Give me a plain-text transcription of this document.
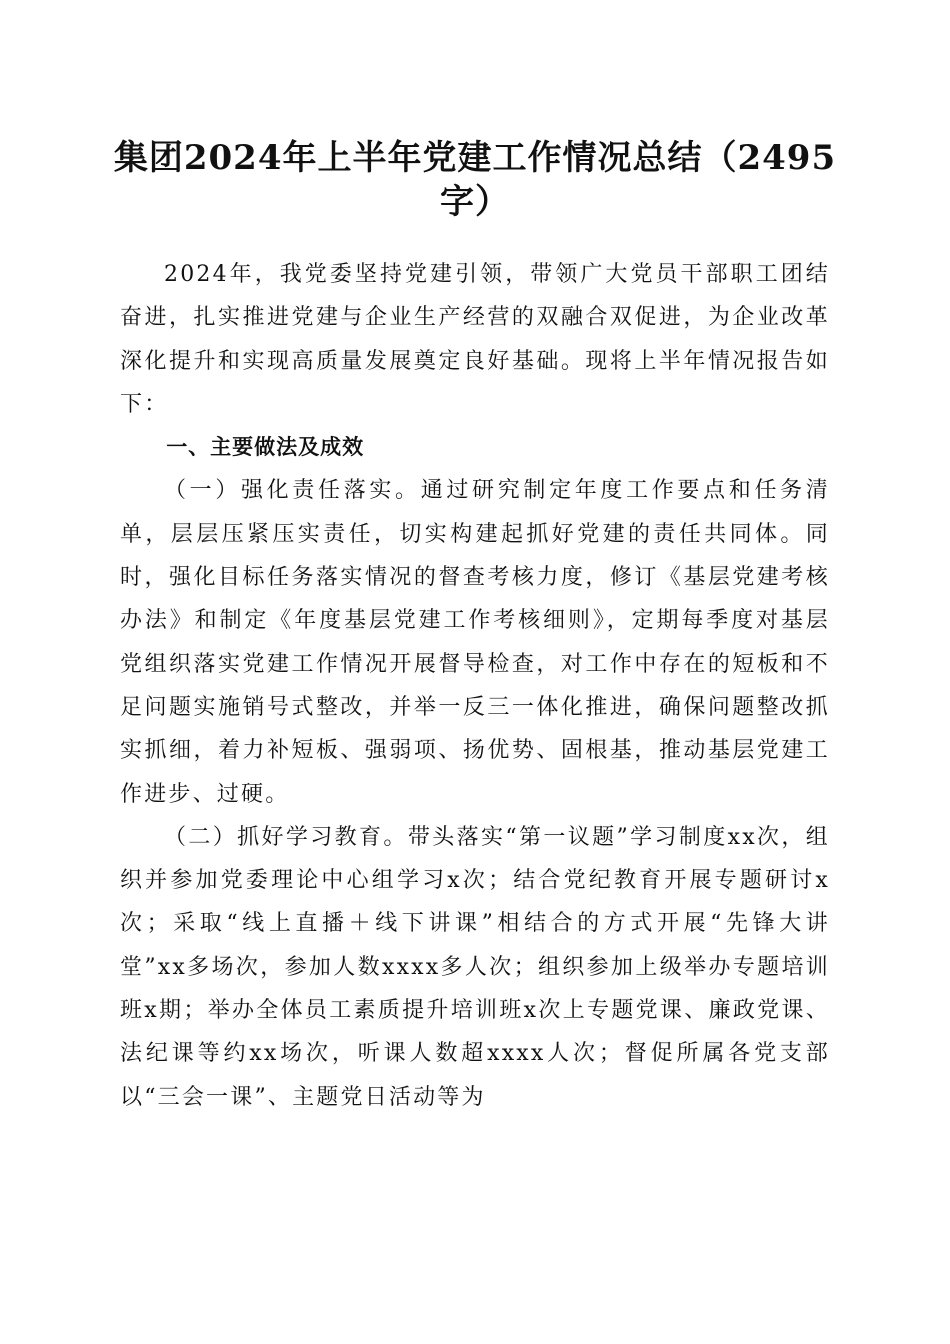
集团2024年上半年党建工作情况总结（2495字）

2024年，我党委坚持党建引领，带领广大党员干部职工团结奋进，扎实推进党建与企业生产经营的双融合双促进，为企业改革深化提升和实现高质量发展奠定良好基础。现将上半年情况报告如下：

一、主要做法及成效

（一）强化责任落实。通过研究制定年度工作要点和任务清单，层层压紧压实责任，切实构建起抓好党建的责任共同体。同时，强化目标任务落实情况的督查考核力度，修订《基层党建考核办法》和制定《年度基层党建工作考核细则》，定期每季度对基层党组织落实党建工作情况开展督导检查，对工作中存在的短板和不足问题实施销号式整改，并举一反三一体化推进，确保问题整改抓实抓细，着力补短板、强弱项、扬优势、固根基，推动基层党建工作进步、过硬。

（二）抓好学习教育。带头落实“第一议题”学习制度xx次，组织并参加党委理论中心组学习x次；结合党纪教育开展专题研讨x次；采取“线上直播＋线下讲课”相结合的方式开展“先锋大讲堂”xx多场次，参加人数xxxx多人次；组织参加上级举办专题培训班x期；举办全体员工素质提升培训班x次上专题党课、廉政党课、法纪课等约xx场次，听课人数超xxxx人次；督促所属各党支部以“三会一课”、主题党日活动等为
